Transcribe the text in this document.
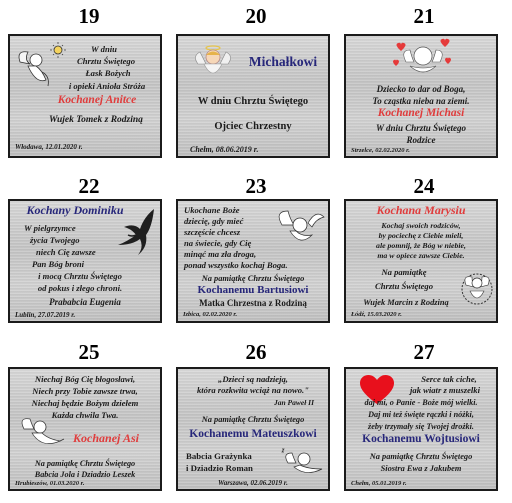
19	20	21
W dniu
Chrztu Świętego
Łask Bożych
i opieki Anioła Stróża
Kochanej Anitce
Wujek Tomek z Rodziną
Włodawa, 12.01.2020 r.
Michałkowi
W dniu Chrztu Świętego
Ojciec Chrzestny
Chełm, 08.06.2019 r.
Dziecko to dar od Boga,
To cząstka nieba na ziemi.
Kochanej Michasi
W dniu Chrztu Świętego
Rodzice
Strzelce, 02.02.2020 r.
22	23	24
Kochany Dominiku
W pielgrzymce
życia Twojego
niech Cię zawsze
Pan Bóg broni
i mocą Chrztu Świętego
od pokus i złego chroni.
Prababcia Eugenia
Lublin, 27.07.2019 r.
Ukochane Boże
dziecię, gdy mieć
szczęście chcesz
na świecie, gdy Cię
minąć ma zła droga,
ponad wszystko kochaj Boga.
Na pamiątkę Chrztu Świętego
Kochanemu Bartusiowi
Matka Chrzestna z Rodziną
Izbica, 02.02.2020 r.
Kochana Marysiu
Kochaj swoich rodziców,
by pociechę z Ciebie mieli,
ale pomnij, że Bóg w niebie,
ma w opiece zawsze Ciebie.
Na pamiątkę
Chrztu Świętego
Wujek Marcin z Rodziną
Łódź, 15.03.2020 r.
25	26	27
Niechaj Bóg Cię błogosławi,
Niech przy Tobie zawsze trwa,
Niechaj będzie Bożym dziełem
Każda chwila Twa.
Kochanej Asi
Na pamiątkę Chrztu Świętego
Babcia Jola i Dziadzio Leszek
Hrubieszów, 01.03.2020 r.
„Dzieci są nadzieją,
która rozkwita wciąż na nowo."
Jan Paweł II
Na pamiątkę Chrztu Świętego
Kochanemu Mateuszkowi
Babcia Grażynka
i Dziadzio Roman
Warszawa, 02.06.2019 r.
Serce tak ciche,
jak wiatr z muszelki
daj mi, o Panie - Boże mój wielki.
Daj mi też święte rączki i nóżki,
żeby trzymały się Twojej drożki.
Kochanemu Wojtusiowi
Na pamiątkę Chrztu Świętego
Siostra Ewa z Jakubem
Chełm, 05.01.2019 r.
